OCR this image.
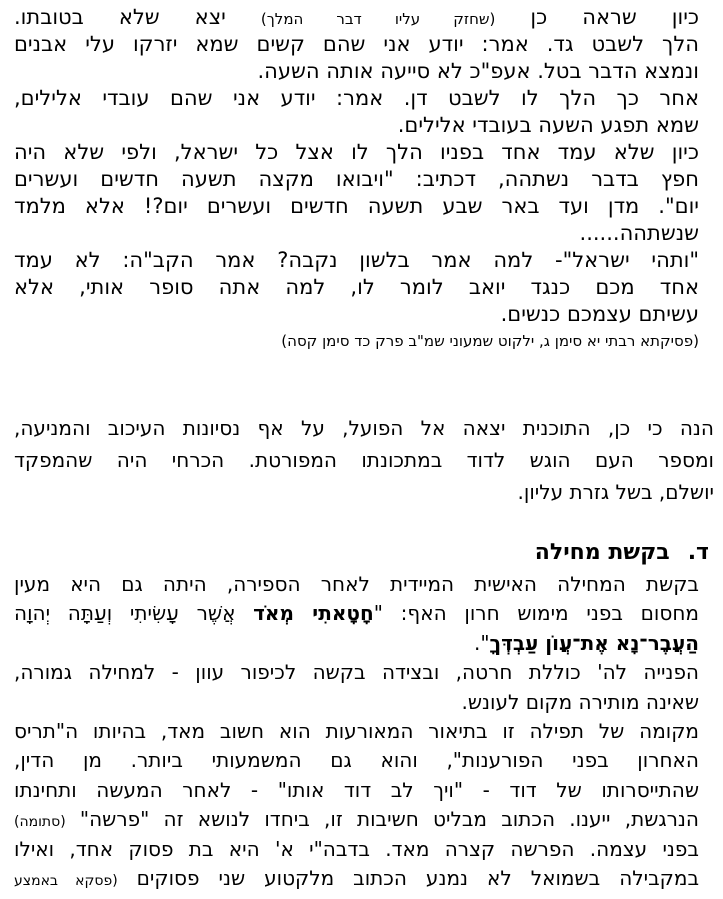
כיון שראה כן (שחזק עליו דבר המלך) יצא שלא בטובתו.
הלך לשבט גד. אמר: יודע אני שהם קשים שמא יזרקו עלי אבנים
ונמצא הדבר בטל. אעפ"כ לא סייעה אותה השעה.
אחר כך הלך לו לשבט דן. אמר: יודע אני שהם עובדי אלילים,
שמא תפגע השעה בעובדי אלילים.
כיון שלא עמד אחד בפניו הלך לו אצל כל ישראל, ולפי שלא היה
חפץ בדבר נשתהה, דכתיב: "ויבואו מקצה תשעה חדשים ועשרים
יום". מדן ועד באר שבע תשעה חדשים ועשרים יום?! אלא מלמד
שנשתהה......
"ותהי ישראל"- למה אמר בלשון נקבה? אמר הקב"ה: לא עמד
אחד מכם כנגד יואב לומר לו, למה אתה סופר אותי, אלא
עשיתם עצמכם כנשים.
(פסיקתא רבתי יא סימן ג, ילקוט שמעוני שמ"ב פרק כד סימן קסה)
הנה כי כן, התוכנית יצאה אל הפועל, על אף נסיונות העיכוב והמניעה,
ומספר העם הוגש לדוד במתכונתו המפורטת. הכרחי היה שהמפקד
יושלם, בשל גזרת עליון.
ד.בקשת מחילה
בקשת המחילה האישית המיידית לאחר הספירה, היתה גם היא מעין
מחסום בפני מימוש חרון האף: "חָטָאתִי מְאֹד אֲשֶׁר עָשִׂיתִי וְעַתָּה יְהוָה
הַעֲבֶר־נָא אֶת־עֲוֹן עַבְדְּךָ".
הפנייה לה' כוללת חרטה, ובצידה בקשה לכיפור עוון - למחילה גמורה,
שאינה מותירה מקום לעונש.
מקומה של תפילה זו בתיאור המאורעות הוא חשוב מאד, בהיותו ה"תריס
האחרון בפני הפורענות", והוא גם המשמעותי ביותר. מן הדין,
שהתייסרותו של דוד - "ויך לב דוד אותו" - לאחר המעשה ותחינתו
הנרגשת, ייענו. הכתוב מבליט חשיבות זו, ביחדו לנושא זה "פרשה" (סתומה)
בפני עצמה. הפרשה קצרה מאד. בדבה"י א' היא בת פסוק אחד, ואילו
במקבילה בשמואל לא נמנע הכתוב מלקטוע שני פסוקים (פסקא באמצע
